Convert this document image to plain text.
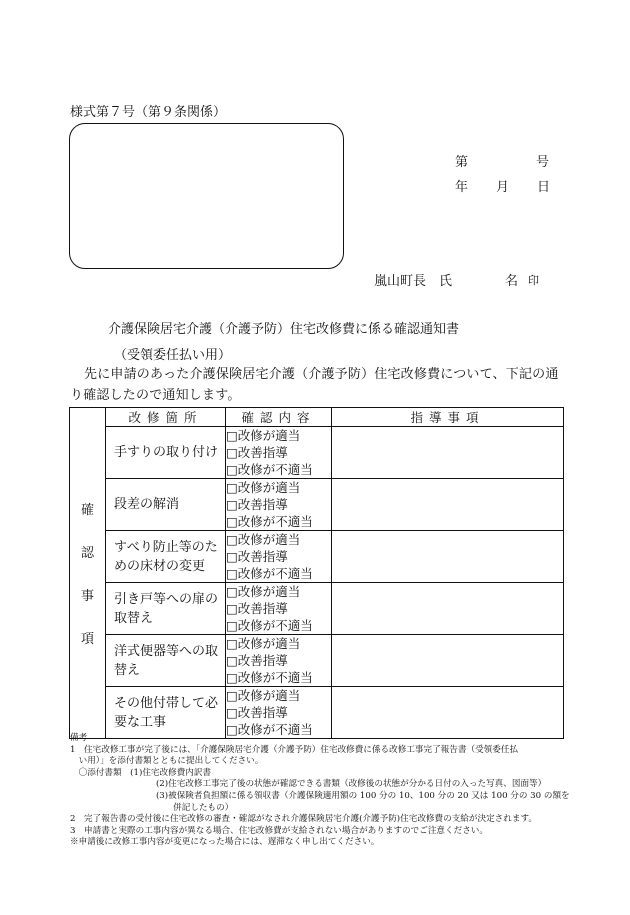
様式第７号（第９条関係）
第	号
年 月 日
嵐山町長　氏	名 印
介護保険居宅介護（介護予防）住宅改修費に係る確認通知書
（受領委任払い用）
先に申請のあった介護保険居宅介護（介護予防）住宅改修費について、下記の通り確認したので通知します。
確
認
事
項	改修箇所	確認内容	指導事項
	手すりの取り付け	□改修が適当
□改善指導
□改修が不適当	

	段差の解消	□改修が適当
□改善指導
□改修が不適当	

	すべり防止等のための床材の変更	□改修が適当
□改善指導
□改修が不適当	

	引き戸等への扉の取替え	□改修が適当
□改善指導
□改修が不適当	

	洋式便器等への取替え	□改修が適当
□改善指導
□改修が不適当	

	その他付帯して必要な工事	□改修が適当
□改善指導
□改修が不適当	

備考
1　住宅改修工事が完了後には、「介護保険居宅介護（介護予防）住宅改修費に係る改修工事完了報告書（受領委任払
　い用）」を添付書類とともに提出してください。
　〇添付書類　(1)住宅改修費内訳書
　　　　　　　　　　(2)住宅改修工事完了後の状態が確認できる書類（改修後の状態が分かる日付の入った写真、図面等）
　　　　　　　　　　(3)被保険者負担額に係る領収書（介護保険適用額の 100 分の 10、100 分の 20 又は 100 分の 30 の額を
　　　　　　　　　　　　併記したもの）
2　完了報告書の受付後に住宅改修の審査・確認がなされ介護保険居宅介護(介護予防)住宅改修費の支給が決定されます。
3　申請書と実際の工事内容が異なる場合、住宅改修費が支給されない場合がありますのでご注意ください。
※申請後に改修工事内容が変更になった場合には、遅滞なく申し出てください。
